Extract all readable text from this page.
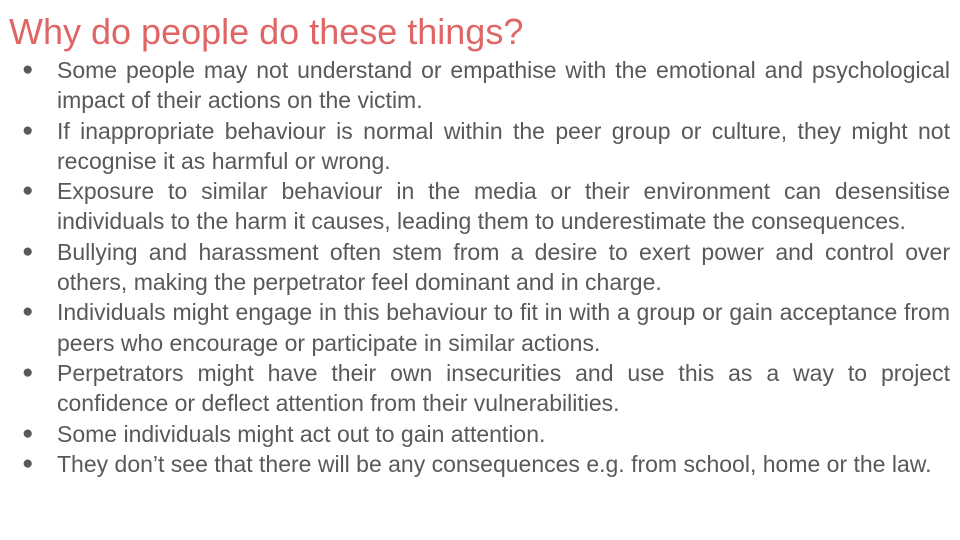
Why do people do these things?
● Some people may not understand or empathise with the emotional and psychological impact of their actions on the victim.
● If inappropriate behaviour is normal within the peer group or culture, they might not recognise it as harmful or wrong.
● Exposure to similar behaviour in the media or their environment can desensitise individuals to the harm it causes, leading them to underestimate the consequences.
● Bullying and harassment often stem from a desire to exert power and control over others, making the perpetrator feel dominant and in charge.
● Individuals might engage in this behaviour to fit in with a group or gain acceptance from peers who encourage or participate in similar actions.
● Perpetrators might have their own insecurities and use this as a way to project confidence or deflect attention from their vulnerabilities.
● Some individuals might act out to gain attention.
● They don’t see that there will be any consequences e.g. from school, home or the law.
